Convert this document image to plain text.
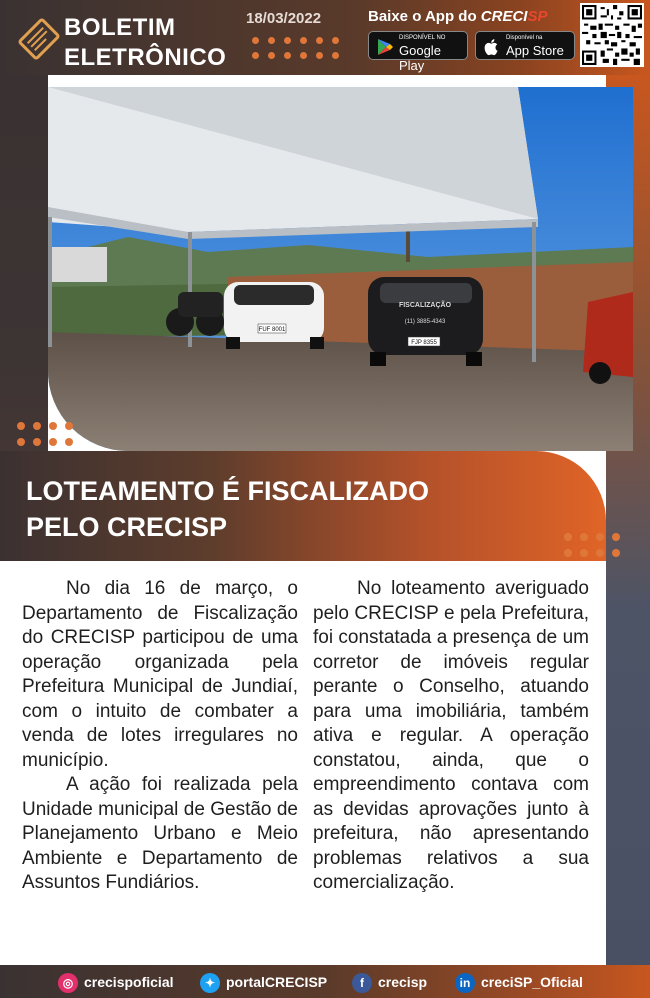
BOLETIM
ELETRÔNICO
18/03/2022	Baixe o App do CRECISP
DISPONÍVEL NO
Google Play
Disponível na
App Store
FUF 8001
FISCALIZAÇÃO
(11) 3885-4343
FJP 8355
LOTEAMENTO É FISCALIZADO
PELO CRECISP

No dia 16 de março, o Departamento de Fiscalização do CRECISP participou de uma operação organizada pela Prefeitura Municipal de Jundiaí, com o intuito de combater a venda de lotes irregulares no município.

A ação foi realizada pela Unidade municipal de Gestão de Planejamento Urbano e Meio Ambiente e Departamento de Assuntos Fundiários.

No loteamento averiguado pelo CRECISP e pela Prefeitura, foi constatada a presença de um corretor de imóveis regular perante o Conselho, atuando para uma imobiliária, também ativa e regular. A operação constatou, ainda, que o empreendimento contava com as devidas aprovações junto à prefeitura, não apresentando problemas relativos a sua comercialização.

◎ crecispoficial	✦ portalCRECISP	f crecisp	in creciSP_Oficial
